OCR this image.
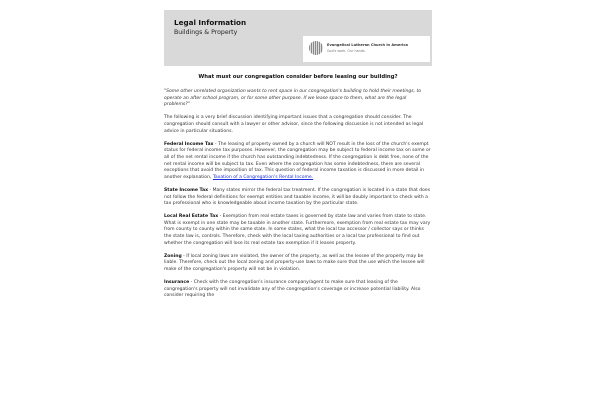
Legal Information
Buildings & Property
Evangelical Lutheran Church in America
God's work. Our hands.
What must our congregation consider before leasing our building?

"Some other unrelated organization wants to rent space in our congregation's building to hold their meetings, to operate an after school program, or for some other purpose. If we lease space to them, what are the legal problems?"

The following is a very brief discussion identifying important issues that a congregation should consider. The congregation should consult with a lawyer or other advisor, since the following discussion is not intended as legal advice in particular situations.

Federal Income Tax - The leasing of property owned by a church will NOT result in the loss of the church's exempt status for federal income tax purposes. However, the congregation may be subject to federal income tax on some or all of the net rental income if the church has outstanding indebtedness. If the congregation is debt free, none of the net rental income will be subject to tax. Even where the congregation has some indebtedness, there are several exceptions that avoid the imposition of tax. This question of federal income taxation is discussed in more detail in another explanation, Taxation of a Congregation's Rental Income.

State Income Tax - Many states mirror the federal tax treatment. If the congregation is located in a state that does not follow the federal definitions for exempt entities and taxable income, it will be doubly important to check with a tax professional who is knowledgeable about income taxation by the particular state.

Local Real Estate Tax - Exemption from real estate taxes is governed by state law and varies from state to state. What is exempt in one state may be taxable in another state. Furthermore, exemption from real estate tax may vary from county to county within the same state. In some states, what the local tax accessor / collector says or thinks the state law is, controls. Therefore, check with the local taxing authorities or a local tax professional to find out whether the congregation will lose its real estate tax exemption if it leases property.

Zoning - If local zoning laws are violated, the owner of the property, as well as the lessee of the property may be liable. Therefore, check out the local zoning and property-use laws to make sure that the use which the lessee will make of the congregation's property will not be in violation.

Insurance - Check with the congregation's insurance company/agent to make sure that leasing of the congregation's property will not invalidate any of the congregation's coverage or increase potential liability. Also consider requiring the
